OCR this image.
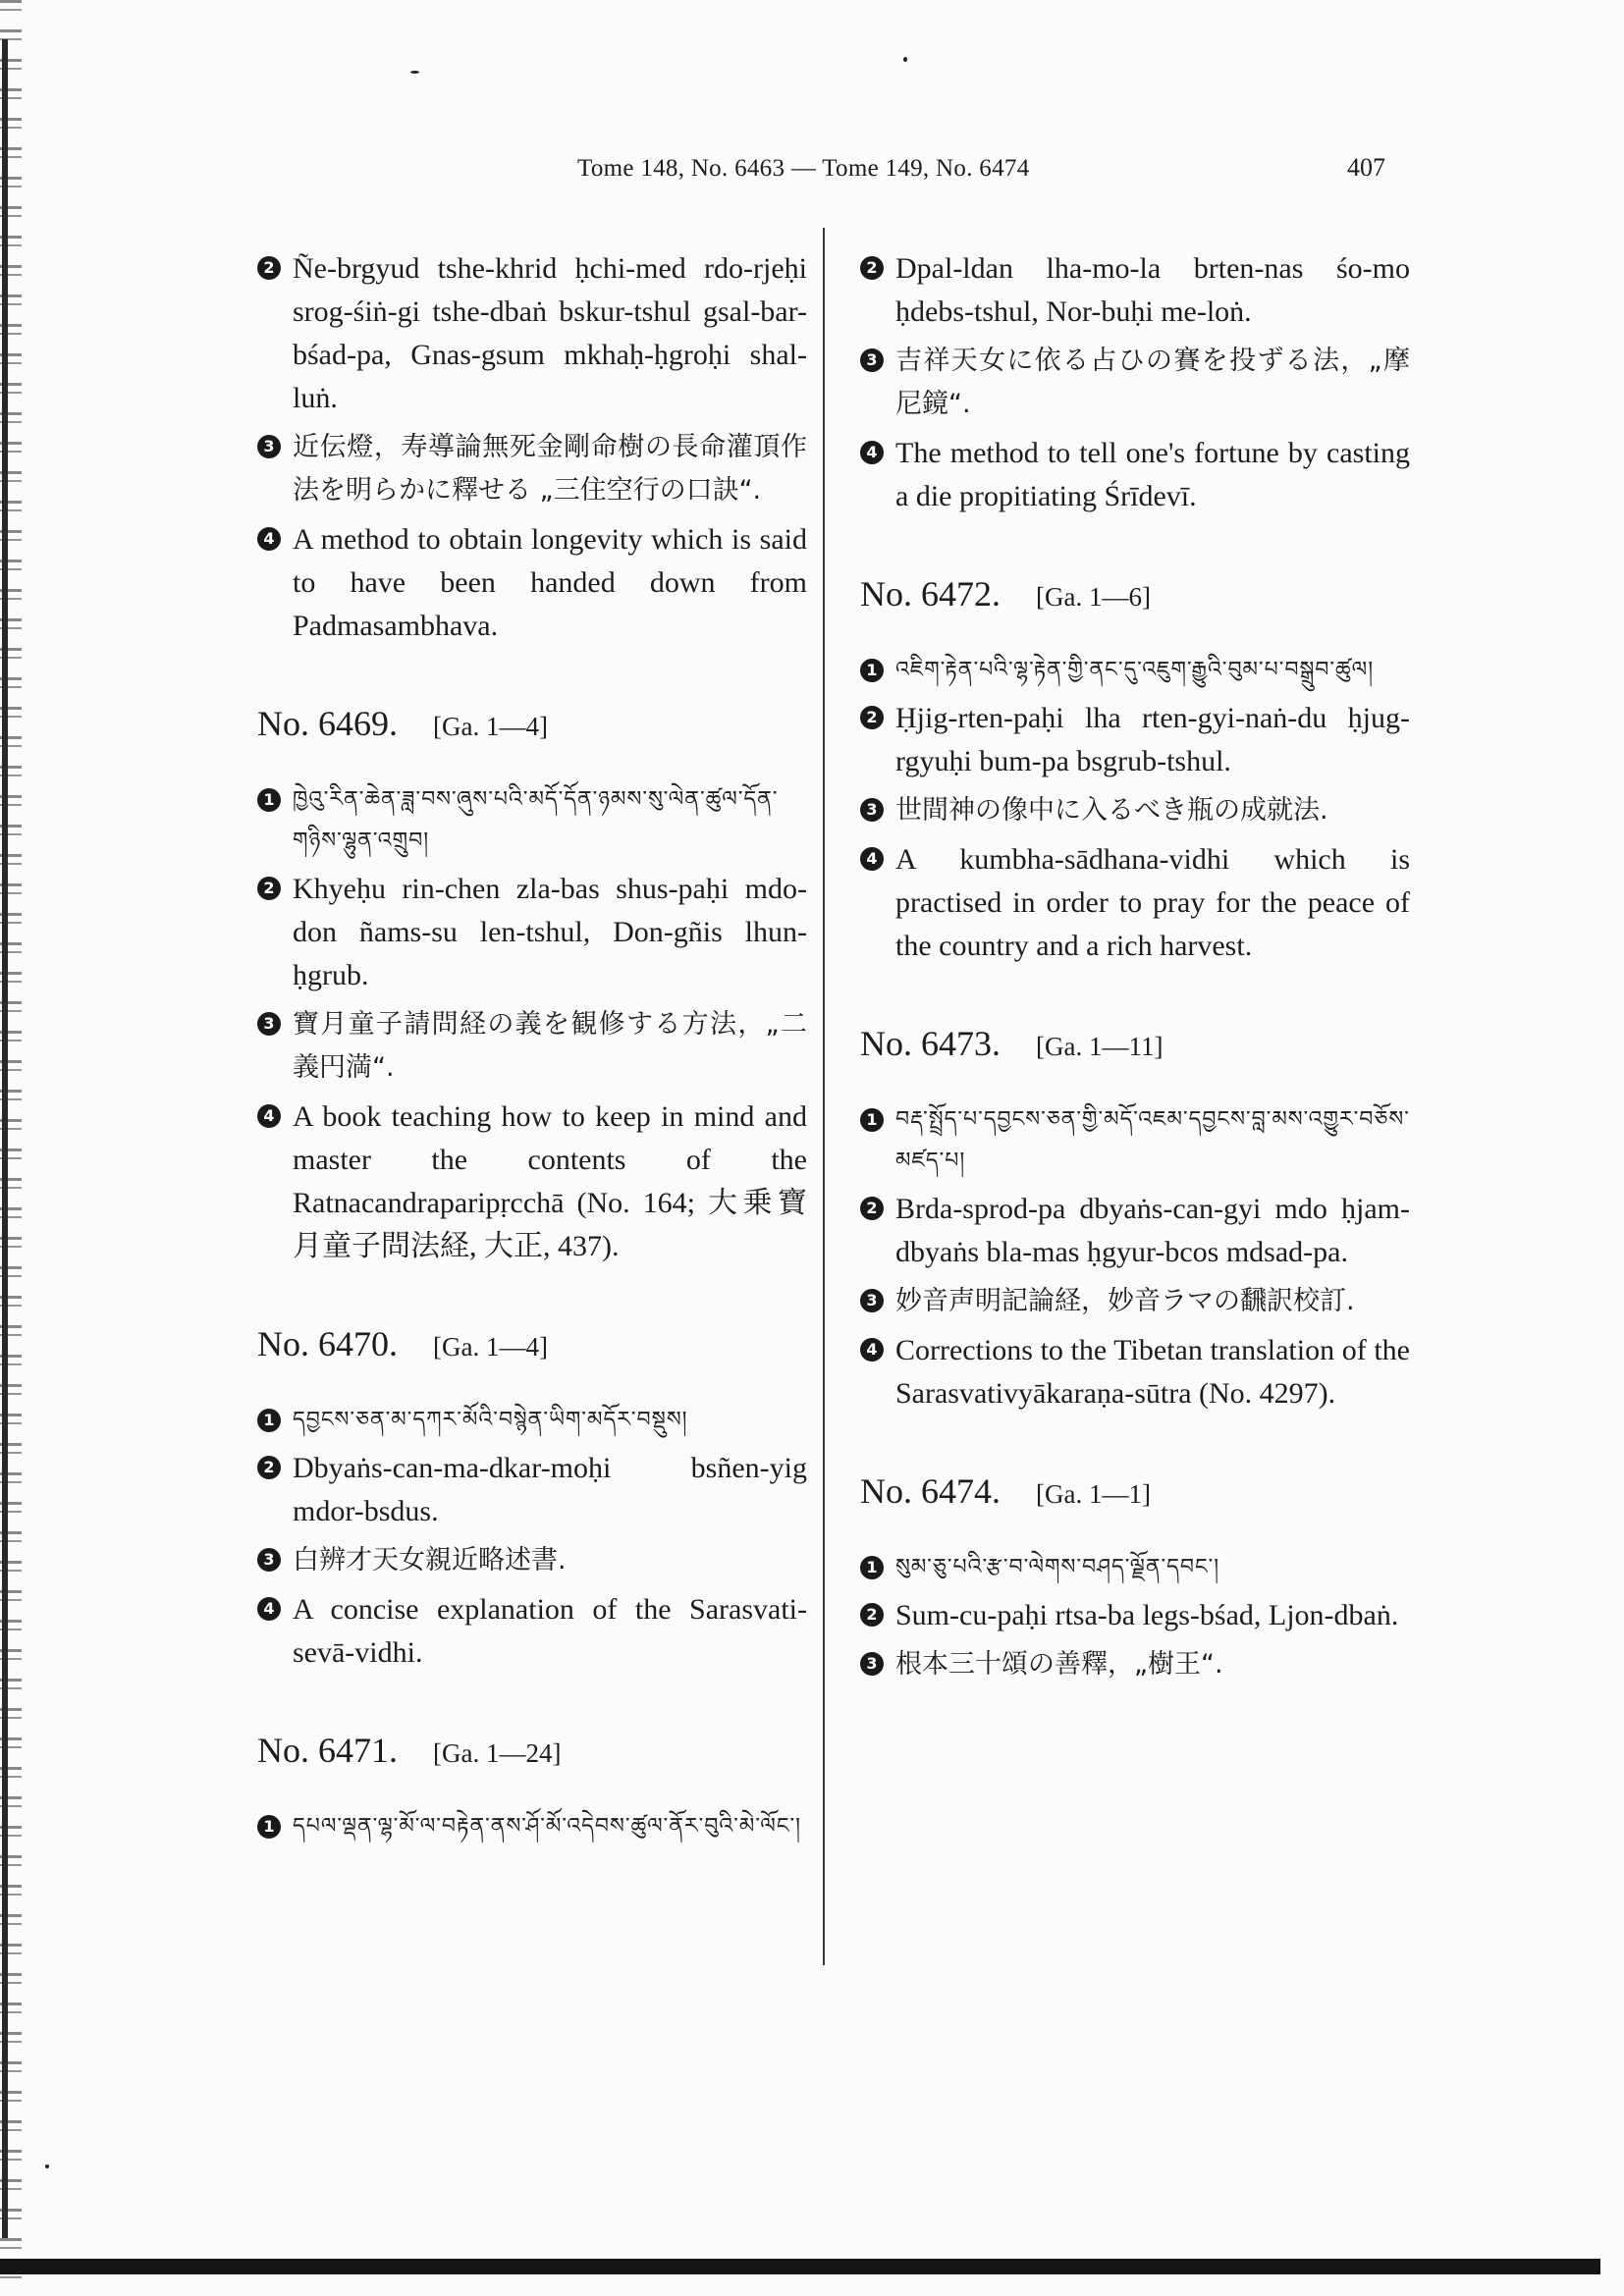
Tome 148, No. 6463 — Tome 149, No. 6474	407
2 Ñe-brgyud tshe-khrid ḥchi-med rdo-rjeḥi srog-śiṅ-gi tshe-dbaṅ bskur-tshul gsal-bar-bśad-pa, Gnas-gsum mkhaḥ-ḥgroḥi shal-luṅ.
3 近伝燈，寿導論無死金剛命樹の長命灌頂作法を明らかに釋せる „三住空行の口訣“.
4 A method to obtain longevity which is said to have been handed down from Padmasambhava.
No. 6469. [Ga. 1—4]
1 ཁྱེའུ་རིན་ཆེན་ཟླ་བས་ཞུས་པའི་མདོ་དོན་ཉམས་སུ་ལེན་ཚུལ་དོན་གཉིས་ལྷུན་འགྲུབ།
2 Khyeḥu rin-chen zla-bas shus-paḥi mdo-don ñams-su len-tshul, Don-gñis lhun-ḥgrub.
3 寶月童子請問経の義を観修する方法，„二義円満“.
4 A book teaching how to keep in mind and master the contents of the Ratnacandraparipṛcchā (No. 164; 大乗寶月童子問法経, 大正, 437).
No. 6470. [Ga. 1—4]
1 དབྱངས་ཅན་མ་དཀར་མོའི་བསྙེན་ཡིག་མདོར་བསྡུས།
2 Dbyaṅs-can-ma-dkar-moḥi bsñen-yig mdor-bsdus.
3 白辨才天女親近略述書.
4 A concise explanation of the Sarasvati-sevā-vidhi.
No. 6471. [Ga. 1—24]
1 དཔལ་ལྡན་ལྷ་མོ་ལ་བརྟེན་ནས་ཤོ་མོ་འདེབས་ཚུལ་ནོར་བུའི་མེ་ལོང་།
2 Dpal-ldan lha-mo-la brten-nas śo-mo ḥdebs-tshul, Nor-buḥi me-loṅ.
3 吉祥天女に依る占ひの賽を投ずる法，„摩尼鏡“.
4 The method to tell one's fortune by casting a die propitiating Śrīdevī.
No. 6472. [Ga. 1—6]
1 འཇིག་རྟེན་པའི་ལྷ་རྟེན་གྱི་ནང་དུ་འཇུག་རྒྱུའི་བུམ་པ་བསྒྲུབ་ཚུལ།
2 Ḥjig-rten-paḥi lha rten-gyi-naṅ-du ḥjug-rgyuḥi bum-pa bsgrub-tshul.
3 世間神の像中に入るべき瓶の成就法.
4 A kumbha-sādhana-vidhi which is practised in order to pray for the peace of the country and a rich harvest.
No. 6473. [Ga. 1—11]
1 བརྡ་སྤྲོད་པ་དབྱངས་ཅན་གྱི་མདོ་འཇམ་དབྱངས་བླ་མས་འགྱུར་བཅོས་མཛད་པ།
2 Brda-sprod-pa dbyaṅs-can-gyi mdo ḥjam-dbyaṅs bla-mas ḥgyur-bcos mdsad-pa.
3 妙音声明記論経，妙音ラマの飜訳校訂.
4 Corrections to the Tibetan translation of the Sarasvativyākaraṇa-sūtra (No. 4297).
No. 6474. [Ga. 1—1]
1 སུམ་ཅུ་པའི་རྩ་བ་ལེགས་བཤད་ལྗོན་དབང་།
2 Sum-cu-paḥi rtsa-ba legs-bśad, Ljon-dbaṅ.
3 根本三十頌の善釋，„樹王“.
